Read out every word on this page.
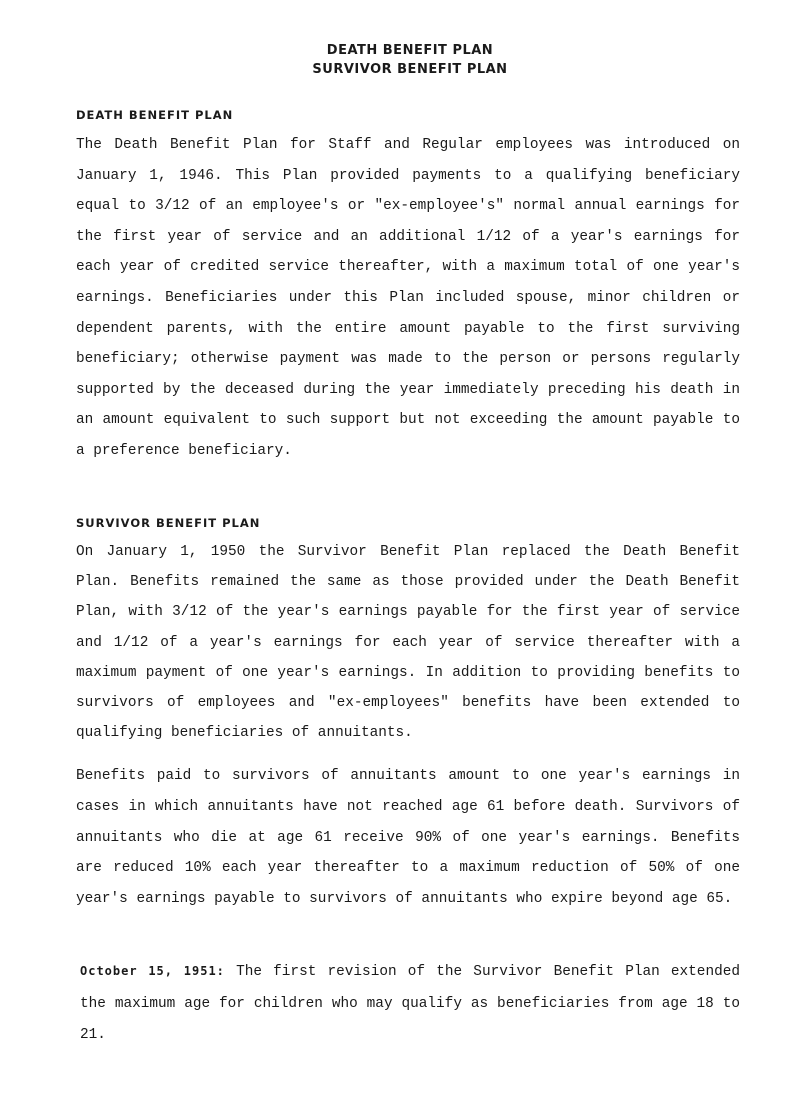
DEATH BENEFIT PLAN
SURVIVOR BENEFIT PLAN
DEATH BENEFIT PLAN

The Death Benefit Plan for Staff and Regular employees was introduced on January 1, 1946. This Plan provided payments to a qualifying beneficiary equal to 3/12 of an employee's or "ex-employee's" normal annual earnings for the first year of service and an additional 1/12 of a year's earnings for each year of credited service thereafter, with a maximum total of one year's earnings. Beneficiaries under this Plan included spouse, minor children or dependent parents, with the entire amount payable to the first surviving beneficiary; otherwise payment was made to the person or persons regularly supported by the deceased during the year immediately preceding his death in an amount equivalent to such support but not exceeding the amount payable to a preference beneficiary.

SURVIVOR BENEFIT PLAN

On January 1, 1950 the Survivor Benefit Plan replaced the Death Benefit Plan. Benefits remained the same as those provided under the Death Benefit Plan, with 3/12 of the year's earnings payable for the first year of service and 1/12 of a year's earnings for each year of service thereafter with a maximum payment of one year's earnings. In addition to providing benefits to survivors of employees and "ex-employees" benefits have been extended to qualifying beneficiaries of annuitants.

Benefits paid to survivors of annuitants amount to one year's earnings in cases in which annuitants have not reached age 61 before death. Survivors of annuitants who die at age 61 receive 90% of one year's earnings. Benefits are reduced 10% each year thereafter to a maximum reduction of 50% of one year's earnings payable to survivors of annuitants who expire beyond age 65.

October 15, 1951: The first revision of the Survivor Benefit Plan extended the maximum age for children who may qualify as beneficiaries from age 18 to 21.
